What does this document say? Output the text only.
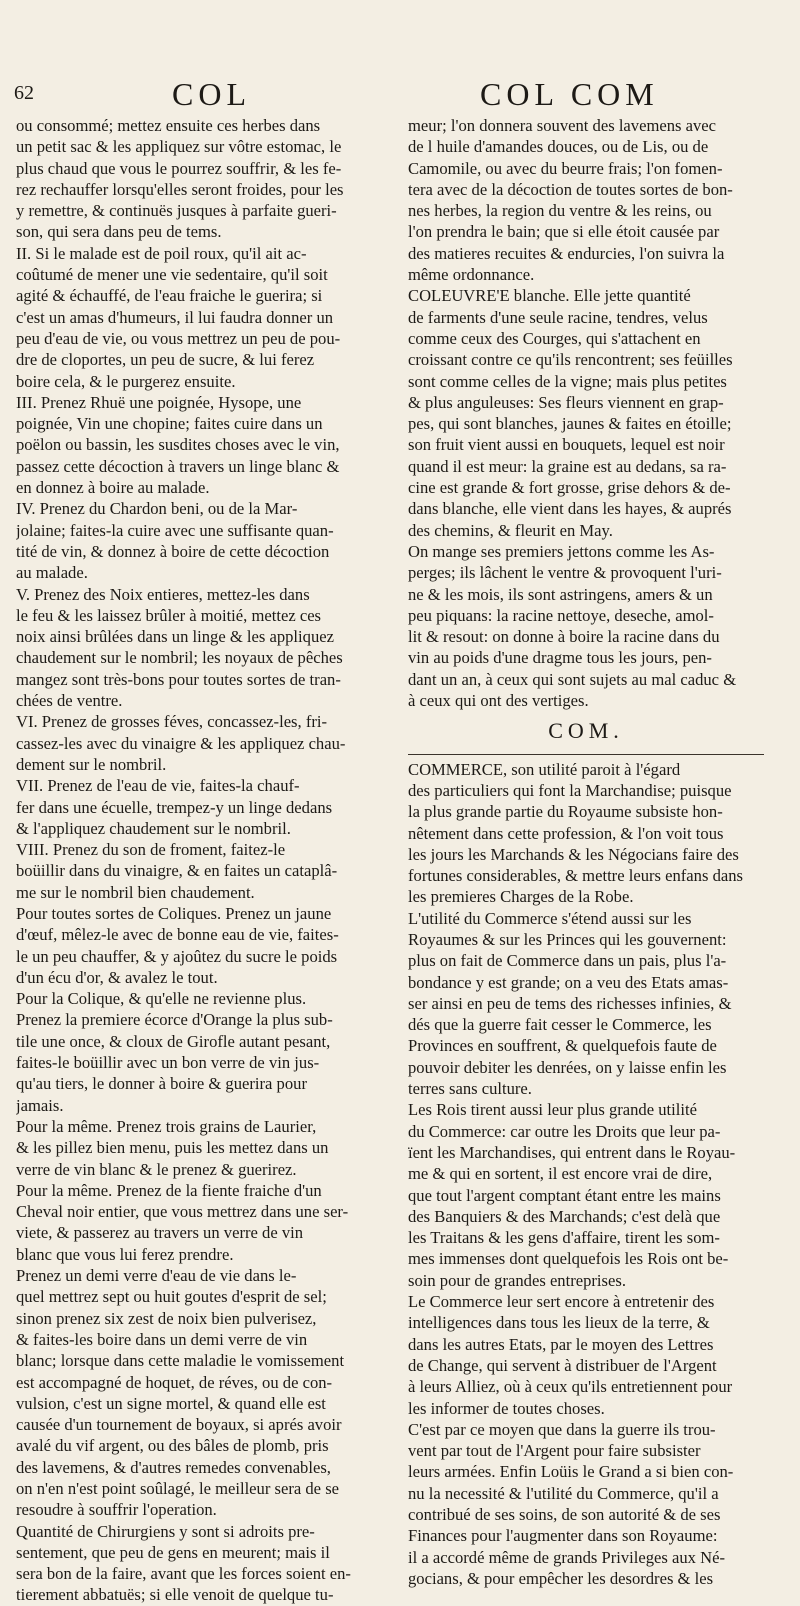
62	COL	COL COM
ou consommé; mettez ensuite ces herbes dans
un petit sac & les appliquez sur vôtre estomac, le
plus chaud que vous le pourrez souffrir, & les fe-
rez rechauffer lorsqu'elles seront froides, pour les
y remettre, & continuës jusques à parfaite gueri-
son, qui sera dans peu de tems.
II. Si le malade est de poil roux, qu'il ait ac-
coûtumé de mener une vie sedentaire, qu'il soit
agité & échauffé, de l'eau fraiche le guerira; si
c'est un amas d'humeurs, il lui faudra donner un
peu d'eau de vie, ou vous mettrez un peu de pou-
dre de cloportes, un peu de sucre, & lui ferez
boire cela, & le purgerez ensuite.
III. Prenez Rhuë une poignée, Hysope, une
poignée, Vin une chopine; faites cuire dans un
poëlon ou bassin, les susdites choses avec le vin,
passez cette décoction à travers un linge blanc &
en donnez à boire au malade.
IV. Prenez du Chardon beni, ou de la Mar-
jolaine; faites-la cuire avec une suffisante quan-
tité de vin, & donnez à boire de cette décoction
au malade.
V. Prenez des Noix entieres, mettez-les dans
le feu & les laissez brûler à moitié, mettez ces
noix ainsi brûlées dans un linge & les appliquez
chaudement sur le nombril; les noyaux de pêches
mangez sont très-bons pour toutes sortes de tran-
chées de ventre.
VI. Prenez de grosses féves, concassez-les, fri-
cassez-les avec du vinaigre & les appliquez chau-
dement sur le nombril.
VII. Prenez de l'eau de vie, faites-la chauf-
fer dans une écuelle, trempez-y un linge dedans
& l'appliquez chaudement sur le nombril.
VIII. Prenez du son de froment, faitez-le
boüillir dans du vinaigre, & en faites un cataplâ-
me sur le nombril bien chaudement.
Pour toutes sortes de Coliques. Prenez un jaune
d'œuf, mêlez-le avec de bonne eau de vie, faites-
le un peu chauffer, & y ajoûtez du sucre le poids
d'un écu d'or, & avalez le tout.
Pour la Colique, & qu'elle ne revienne plus.
Prenez la premiere écorce d'Orange la plus sub-
tile une once, & cloux de Girofle autant pesant,
faites-le boüillir avec un bon verre de vin jus-
qu'au tiers, le donner à boire & guerira pour
jamais.
Pour la même. Prenez trois grains de Laurier,
& les pillez bien menu, puis les mettez dans un
verre de vin blanc & le prenez & guerirez.
Pour la même. Prenez de la fiente fraiche d'un
Cheval noir entier, que vous mettrez dans une ser-
viete, & passerez au travers un verre de vin
blanc que vous lui ferez prendre.
Prenez un demi verre d'eau de vie dans le-
quel mettrez sept ou huit goutes d'esprit de sel;
sinon prenez six zest de noix bien pulverisez,
& faites-les boire dans un demi verre de vin
blanc; lorsque dans cette maladie le vomissement
est accompagné de hoquet, de réves, ou de con-
vulsion, c'est un signe mortel, & quand elle est
causée d'un tournement de boyaux, si aprés avoir
avalé du vif argent, ou des bâles de plomb, pris
des lavemens, & d'autres remedes convenables,
on n'en n'est point soûlagé, le meilleur sera de se
resoudre à souffrir l'operation.
Quantité de Chirurgiens y sont si adroits pre-
sentement, que peu de gens en meurent; mais il
sera bon de la faire, avant que les forces soient en-
tierement abbatuës; si elle venoit de quelque tu-
meur; l'on donnera souvent des lavemens avec
de l huile d'amandes douces, ou de Lis, ou de
Camomile, ou avec du beurre frais; l'on fomen-
tera avec de la décoction de toutes sortes de bon-
nes herbes, la region du ventre & les reins, ou
l'on prendra le bain; que si elle étoit causée par
des matieres recuites & endurcies, l'on suivra la
même ordonnance.
COLEUVRE'E blanche. Elle jette quantité
de farments d'une seule racine, tendres, velus
comme ceux des Courges, qui s'attachent en
croissant contre ce qu'ils rencontrent; ses feüilles
sont comme celles de la vigne; mais plus petites
& plus anguleuses: Ses fleurs viennent en grap-
pes, qui sont blanches, jaunes & faites en étoille;
son fruit vient aussi en bouquets, lequel est noir
quand il est meur: la graine est au dedans, sa ra-
cine est grande & fort grosse, grise dehors & de-
dans blanche, elle vient dans les hayes, & auprés
des chemins, & fleurit en May.
On mange ses premiers jettons comme les As-
perges; ils lâchent le ventre & provoquent l'uri-
ne & les mois, ils sont astringens, amers & un
peu piquans: la racine nettoye, deseche, amol-
lit & resout: on donne à boire la racine dans du
vin au poids d'une dragme tous les jours, pen-
dant un an, à ceux qui sont sujets au mal caduc &
à ceux qui ont des vertiges.
COM.
COMMERCE, son utilité paroit à l'égard
des particuliers qui font la Marchandise; puisque
la plus grande partie du Royaume subsiste hon-
nêtement dans cette profession, & l'on voit tous
les jours les Marchands & les Négocians faire des
fortunes considerables, & mettre leurs enfans dans
les premieres Charges de la Robe.
L'utilité du Commerce s'étend aussi sur les
Royaumes & sur les Princes qui les gouvernent:
plus on fait de Commerce dans un pais, plus l'a-
bondance y est grande; on a veu des Etats amas-
ser ainsi en peu de tems des richesses infinies, &
dés que la guerre fait cesser le Commerce, les
Provinces en souffrent, & quelquefois faute de
pouvoir debiter les denrées, on y laisse enfin les
terres sans culture.
Les Rois tirent aussi leur plus grande utilité
du Commerce: car outre les Droits que leur pa-
ïent les Marchandises, qui entrent dans le Royau-
me & qui en sortent, il est encore vrai de dire,
que tout l'argent comptant étant entre les mains
des Banquiers & des Marchands; c'est delà que
les Traitans & les gens d'affaire, tirent les som-
mes immenses dont quelquefois les Rois ont be-
soin pour de grandes entreprises.
Le Commerce leur sert encore à entretenir des
intelligences dans tous les lieux de la terre, &
dans les autres Etats, par le moyen des Lettres
de Change, qui servent à distribuer de l'Argent
à leurs Alliez, où à ceux qu'ils entretiennent pour
les informer de toutes choses.
C'est par ce moyen que dans la guerre ils trou-
vent par tout de l'Argent pour faire subsister
leurs armées. Enfin Loüis le Grand a si bien con-
nu la necessité & l'utilité du Commerce, qu'il a
contribué de ses soins, de son autorité & de ses
Finances pour l'augmenter dans son Royaume:
il a accordé même de grands Privileges aux Né-
gocians, & pour empêcher les desordres & les
